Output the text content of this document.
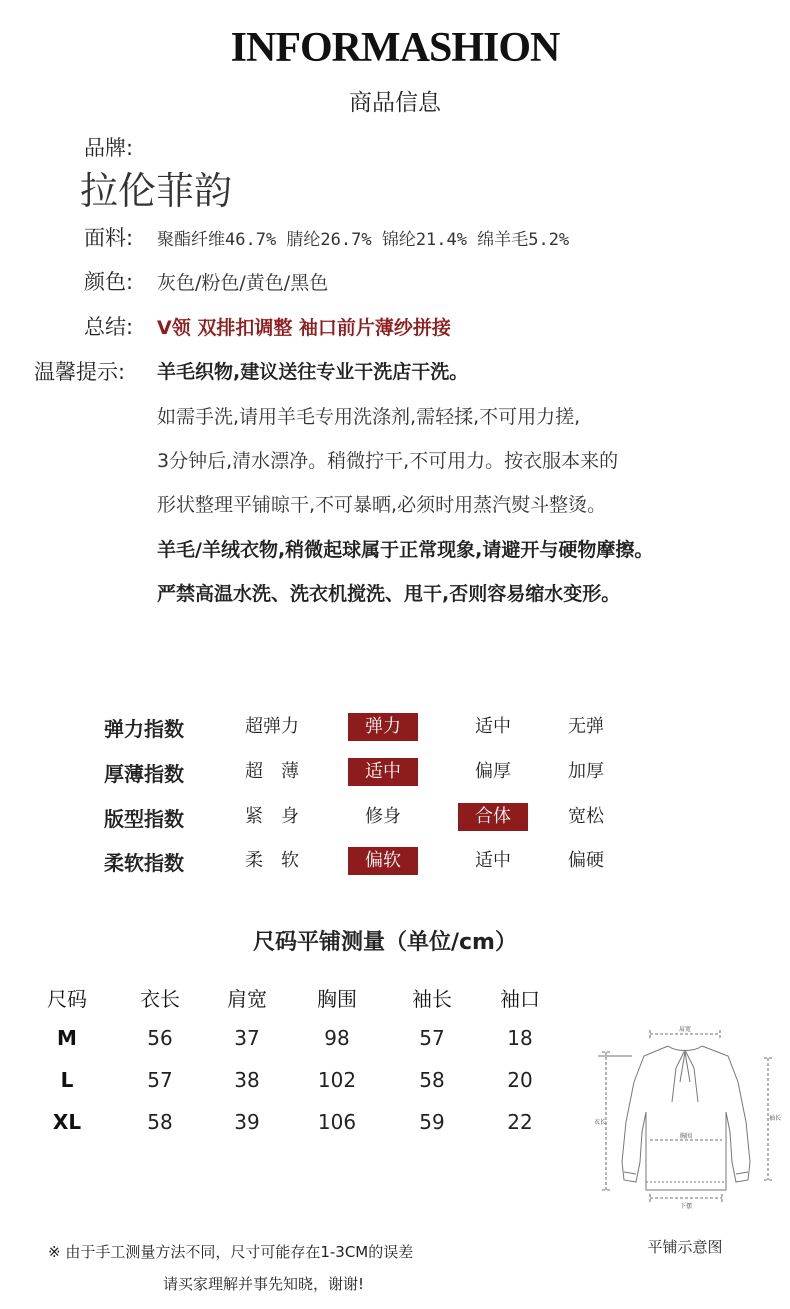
INFORMASHION
商品信息
品牌:
拉伦菲韵
面料: 聚酯纤维46.7% 腈纶26.7% 锦纶21.4% 绵羊毛5.2%
颜色: 灰色/粉色/黄色/黑色
总结: V领 双排扣调整 袖口前片薄纱拼接
温馨提示: 羊毛织物,建议送往专业干洗店干洗。
如需手洗,请用羊毛专用洗涤剂,需轻揉,不可用力搓,
3分钟后,清水漂净。稍微拧干,不可用力。按衣服本来的
形状整理平铺晾干,不可暴晒,必须时用蒸汽熨斗整烫。
羊毛/羊绒衣物,稍微起球属于正常现象,请避开与硬物摩擦。
严禁高温水洗、洗衣机搅洗、甩干,否则容易缩水变形。
弹力指数	超弹力	弹力	适中	无弹
厚薄指数	超　薄	适中	偏厚	加厚
版型指数	紧　身	修身	合体	宽松
柔软指数	柔　软	偏软	适中	偏硬
尺码平铺测量（单位/cm）
尺码	衣长	肩宽	胸围	袖长	袖口
M	56	37	98	57	18
L	57	38	102	58	20
XL	58	39	106	59	22
肩宽
衣长
袖长
胸围
下摆
平铺示意图
※ 由于手工测量方法不同，尺寸可能存在1-3CM的误差
请买家理解并事先知晓，谢谢!
